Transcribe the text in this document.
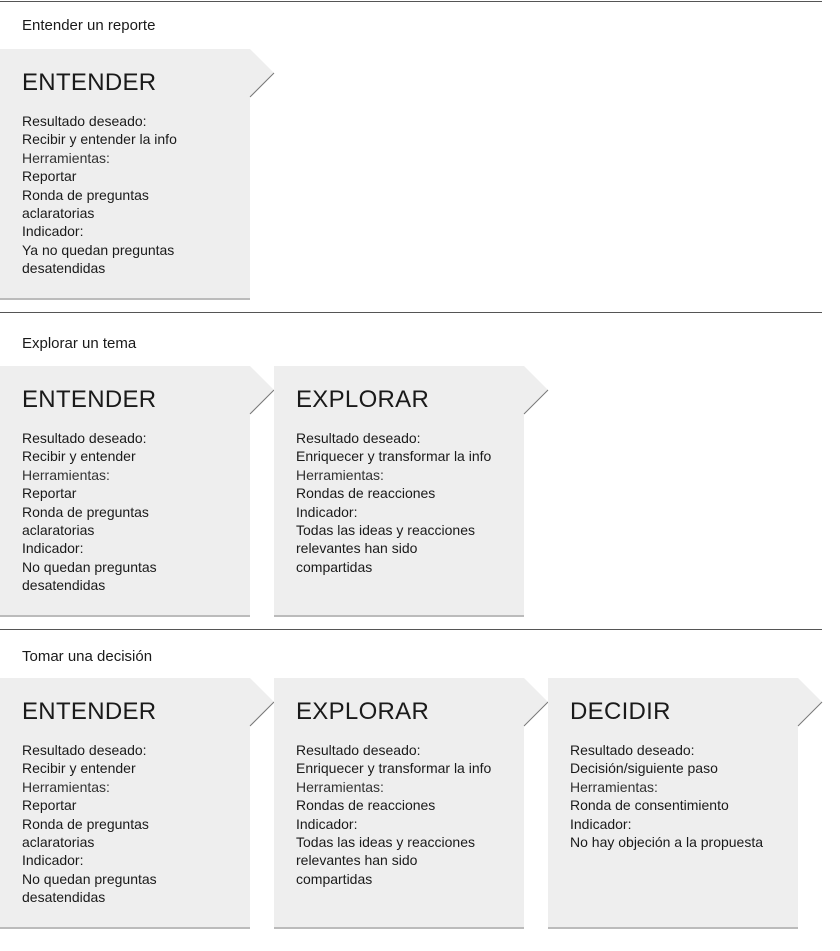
Entender un reporte
ENTENDER
Resultado deseado:
Recibir y entender la info
Herramientas:
Reportar
Ronda de preguntas aclaratorias
Indicador:
Ya no quedan preguntas desatendidas
Explorar un tema
ENTENDER
Resultado deseado:
Recibir y entender
Herramientas:
Reportar
Ronda de preguntas aclaratorias
Indicador:
No quedan preguntas desatendidas
EXPLORAR
Resultado deseado:
Enriquecer y transformar la info
Herramientas:
Rondas de reacciones
Indicador:
Todas las ideas y reacciones relevantes han sido compartidas
Tomar una decisión
ENTENDER
Resultado deseado:
Recibir y entender
Herramientas:
Reportar
Ronda de preguntas aclaratorias
Indicador:
No quedan preguntas desatendidas
EXPLORAR
Resultado deseado:
Enriquecer y transformar la info
Herramientas:
Rondas de reacciones
Indicador:
Todas las ideas y reacciones relevantes han sido compartidas
DECIDIR
Resultado deseado:
Decisión/siguiente paso
Herramientas:
Ronda de consentimiento
Indicador:
No hay objeción a la propuesta
